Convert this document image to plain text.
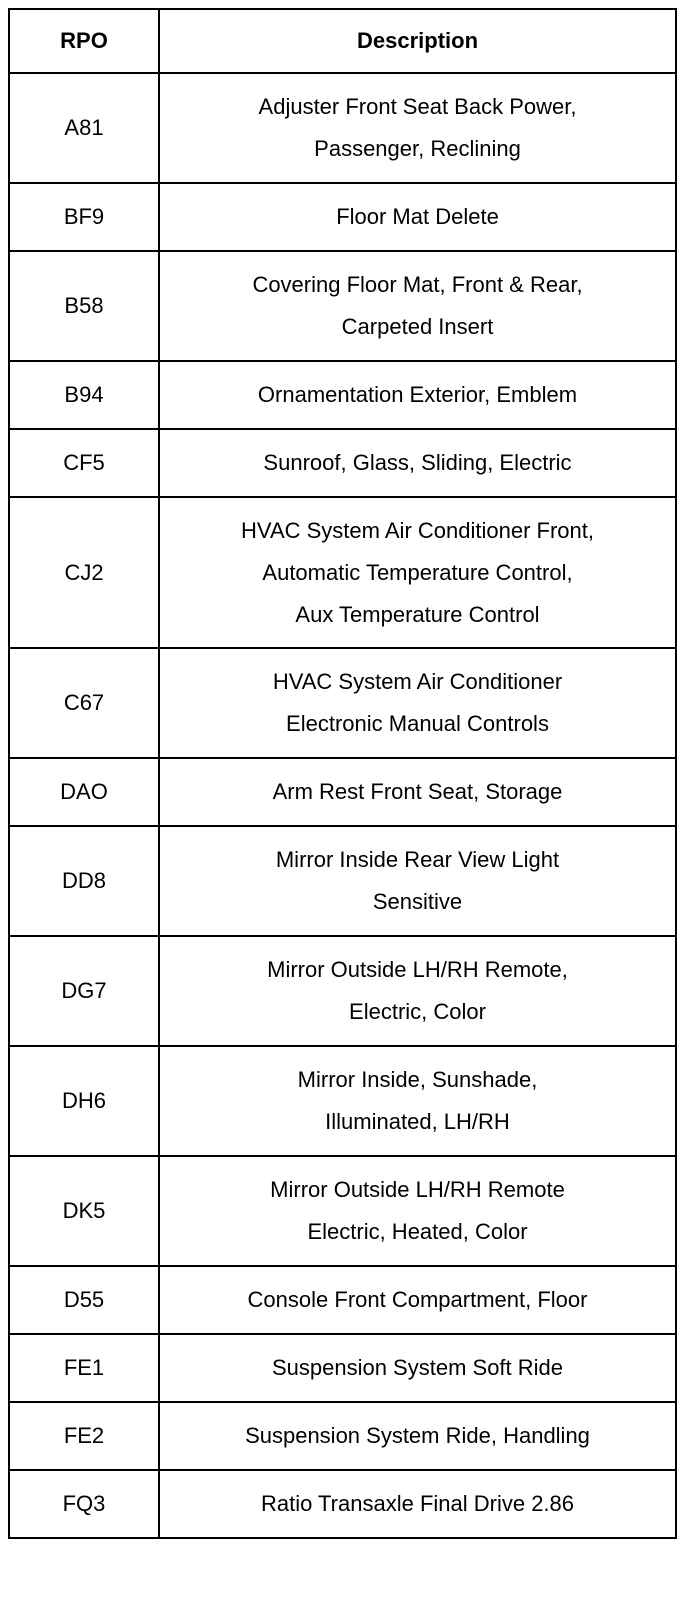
RPO	Description
A81	Adjuster Front Seat Back Power,
Passenger, Reclining
BF9	Floor Mat Delete
B58	Covering Floor Mat, Front & Rear,
Carpeted Insert
B94	Ornamentation Exterior, Emblem
CF5	Sunroof, Glass, Sliding, Electric
CJ2	HVAC System Air Conditioner Front,
Automatic Temperature Control,
Aux Temperature Control
C67	HVAC System Air Conditioner
Electronic Manual Controls
DAO	Arm Rest Front Seat, Storage
DD8	Mirror Inside Rear View Light
Sensitive
DG7	Mirror Outside LH/RH Remote,
Electric, Color
DH6	Mirror Inside, Sunshade,
Illuminated, LH/RH
DK5	Mirror Outside LH/RH Remote
Electric, Heated, Color
D55	Console Front Compartment, Floor
FE1	Suspension System Soft Ride
FE2	Suspension System Ride, Handling
FQ3	Ratio Transaxle Final Drive 2.86
